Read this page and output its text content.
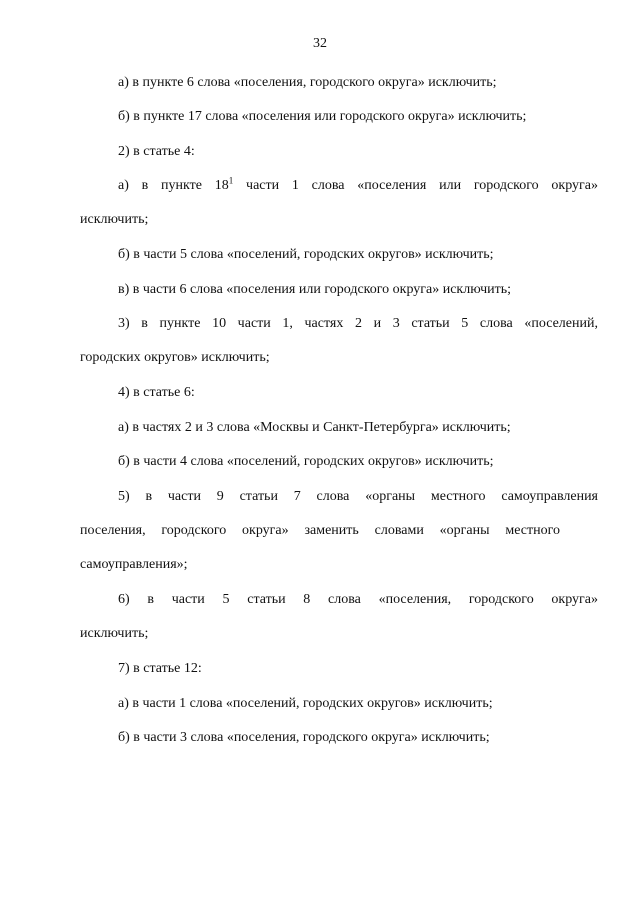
32
а) в пункте 6 слова «поселения, городского округа» исключить;
б) в пункте 17 слова «поселения или городского округа» исключить;
2) в статье 4:
а) в пункте $18^1$ части 1 слова «поселения или городского округа»
исключить;
б) в части 5 слова «поселений, городских округов» исключить;
в) в части 6 слова «поселения или городского округа» исключить;
3) в пункте 10 части 1, частях 2 и 3 статьи 5 слова «поселений,
городских округов» исключить;
4) в статье 6:
а) в частях 2 и 3 слова «Москвы и Санкт-Петербурга» исключить;
б) в части 4 слова «поселений, городских округов» исключить;
5) в части 9 статьи 7 слова «органы местного самоуправления
поселения, городского округа» заменить словами «органы местного
самоуправления»;
6) в части 5 статьи 8 слова «поселения, городского округа»
исключить;
7) в статье 12:
а) в части 1 слова «поселений, городских округов» исключить;
б) в части 3 слова «поселения, городского округа» исключить;
